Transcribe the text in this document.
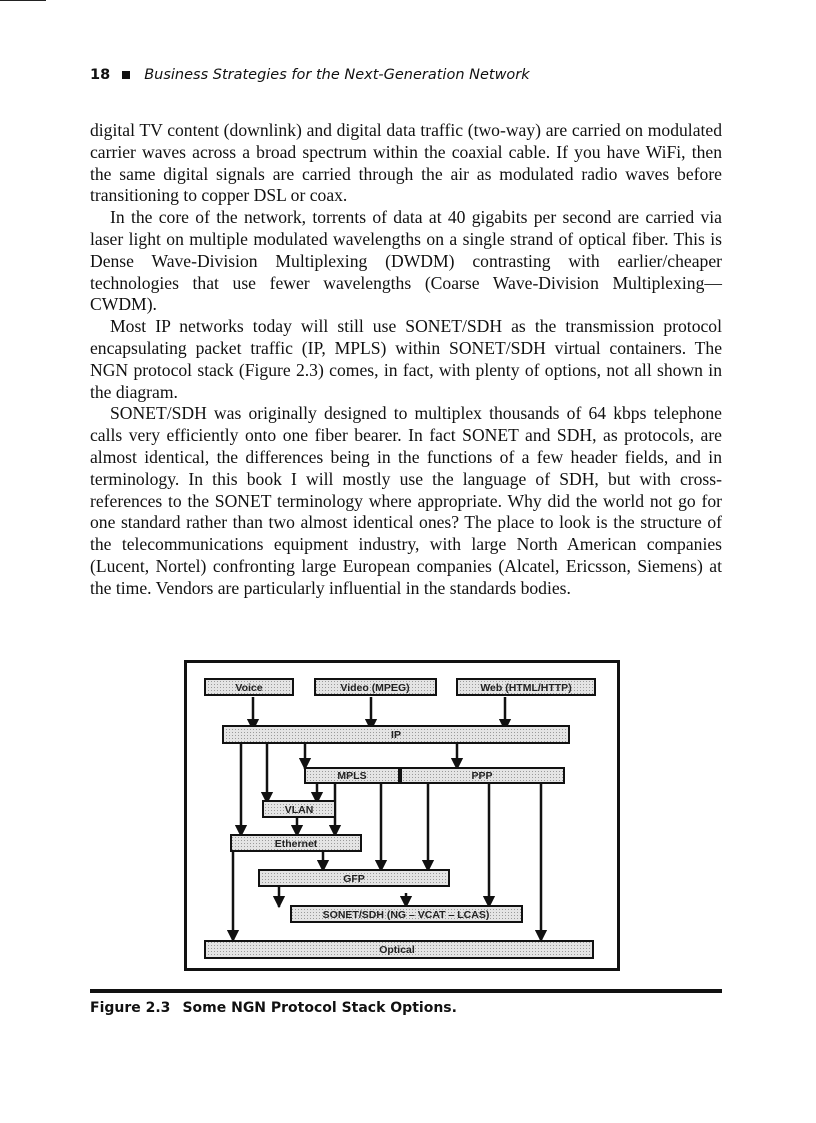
18 Business Strategies for the Next-Generation Network

digital TV content (downlink) and digital data traffic (two-way) are carried on modulated carrier waves across a broad spectrum within the coaxial cable. If you have WiFi, then the same digital signals are carried through the air as modulated radio waves before transitioning to copper DSL or coax.

In the core of the network, torrents of data at 40 gigabits per second are carried via laser light on multiple modulated wavelengths on a single strand of optical fiber. This is Dense Wave-Division Multiplexing (DWDM) contrasting with earlier/cheaper technologies that use fewer wavelengths (Coarse Wave-Division Multiplexing—CWDM).

Most IP networks today will still use SONET/SDH as the transmission protocol encapsulating packet traffic (IP, MPLS) within SONET/SDH virtual containers. The NGN protocol stack (Figure 2.3) comes, in fact, with plenty of options, not all shown in the diagram.

SONET/SDH was originally designed to multiplex thousands of 64 kbps telephone calls very efficiently onto one fiber bearer. In fact SONET and SDH, as protocols, are almost identical, the differences being in the functions of a few header fields, and in terminology. In this book I will mostly use the language of SDH, but with cross-references to the SONET terminology where appropriate. Why did the world not go for one standard rather than two almost identical ones? The place to look is the structure of the telecommunications equipment industry, with large North American companies (Lucent, Nortel) confronting large European companies (Alcatel, Ericsson, Siemens) at the time. Vendors are particularly influential in the standards bodies.

Voice	Video (MPEG)	Web (HTML/HTTP)
IP
MPLS	PPP
VLAN
Ethernet
GFP
SONET/SDH (NG – VCAT – LCAS)
Optical
Figure 2.3 Some NGN Protocol Stack Options.
